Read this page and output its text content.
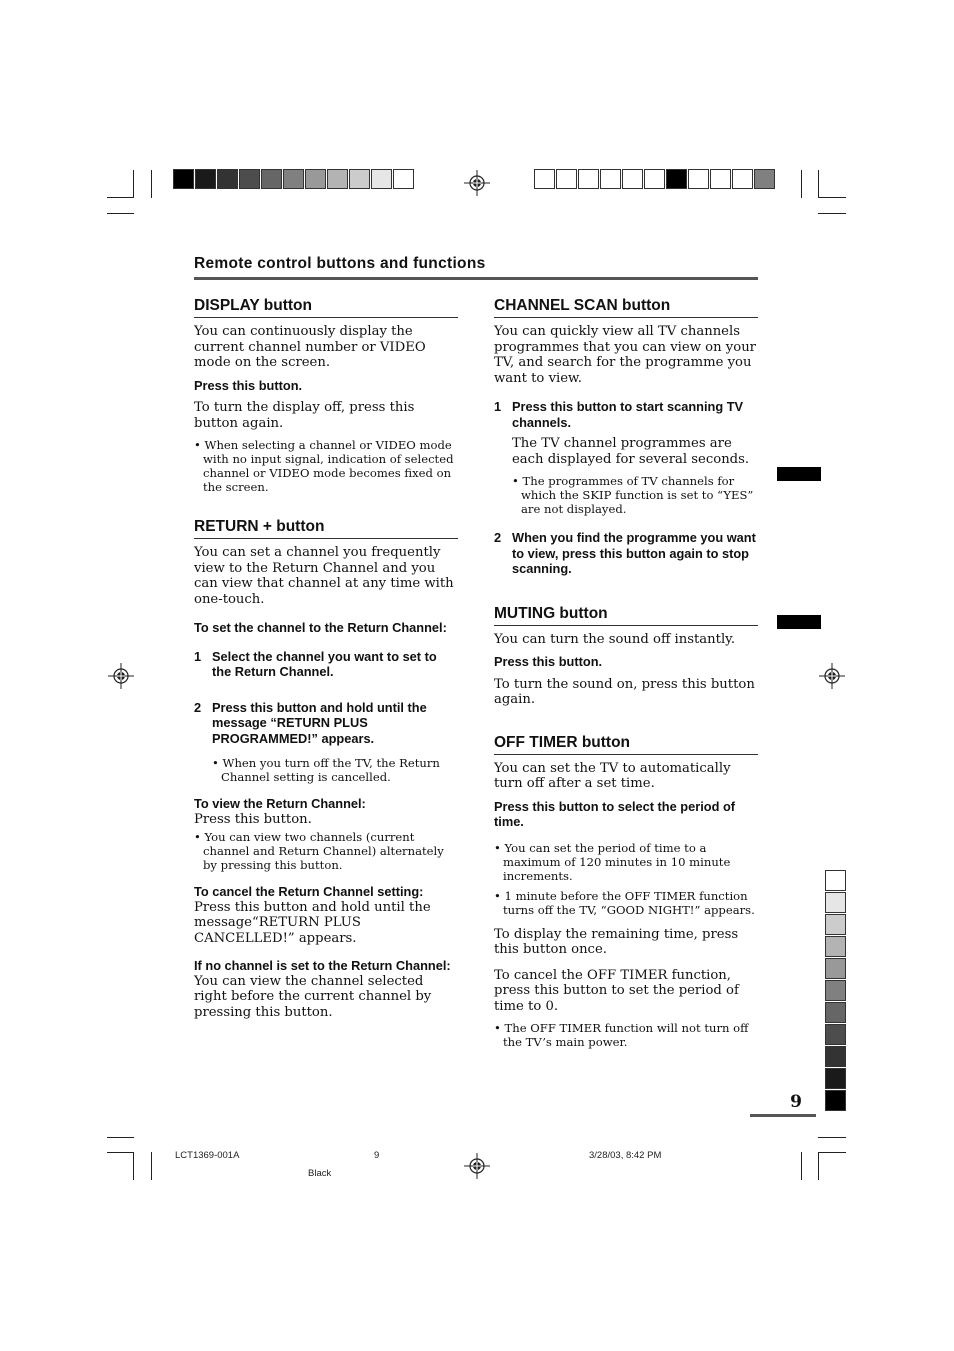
Remote control buttons and functions
DISPLAY button

You can continuously display the current channel number or VIDEO mode on the screen.

Press this button.

To turn the display off, press this button again.

• When selecting a channel or VIDEO mode with no input signal, indication of selected channel or VIDEO mode becomes fixed on the screen.

RETURN + button

You can set a channel you frequently view to the Return Channel and you can view that channel at any time with one-touch.

To set the channel to the Return Channel:

1 Select the channel you want to set to the Return Channel.
2 Press this button and hold until the message “RETURN PLUS PROGRAMMED!” appears.

• When you turn off the TV, the Return Channel setting is cancelled.

To view the Return Channel:

Press this button.

• You can view two channels (current channel and Return Channel) alternately by pressing this button.

To cancel the Return Channel setting:

Press this button and hold until the message“RETURN PLUS CANCELLED!” appears.

If no channel is set to the Return Channel:

You can view the channel selected right before the current channel by pressing this button.

CHANNEL SCAN button

You can quickly view all TV channels programmes that you can view on your TV, and search for the programme you want to view.

1 Press this button to start scanning TV channels.

The TV channel programmes are each displayed for several seconds.

• The programmes of TV channels for which the SKIP function is set to “YES” are not displayed.

2 When you find the programme you want to view, press this button again to stop scanning.
MUTING button

You can turn the sound off instantly.

Press this button.

To turn the sound on, press this button again.

OFF TIMER button

You can set the TV to automatically turn off after a set time.

Press this button to select the period of time.

• You can set the period of time to a maximum of 120 minutes in 10 minute increments.

• 1 minute before the OFF TIMER function turns off the TV, “GOOD NIGHT!” appears.

To display the remaining time, press this button once.

To cancel the OFF TIMER function, press this button to set the period of time to 0.

• The OFF TIMER function will not turn off the TV’s main power.

9
LCT1369-001A	9	3/28/03, 8:42 PM
Black
